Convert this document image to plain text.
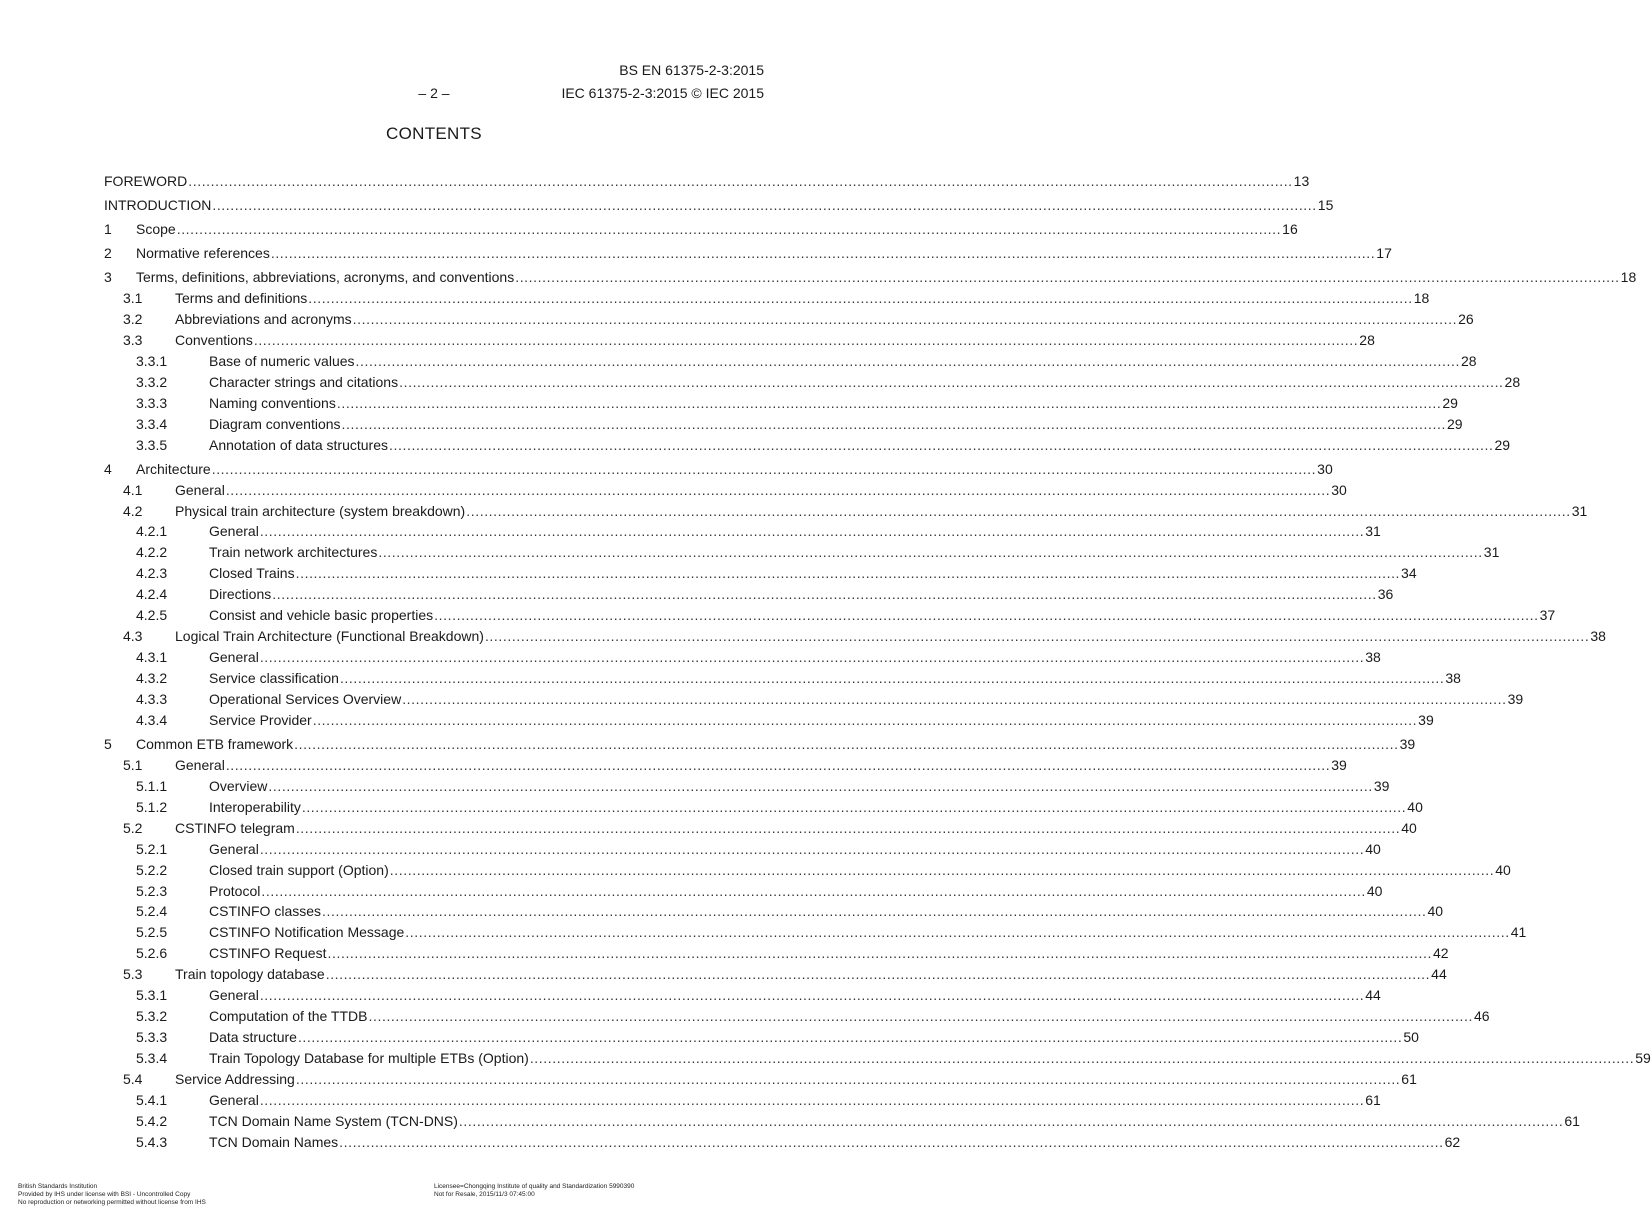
BS EN 61375-2-3:2015
– 2 –	IEC 61375-2-3:2015 © IEC 2015
CONTENTS
FOREWORD .....	13
INTRODUCTION .....	15
1	Scope .....	16
2	Normative references .....	17
3	Terms, definitions, abbreviations, acronyms, and conventions .....	18
3.1	Terms and definitions .....	18
3.2	Abbreviations and acronyms .....	26
3.3	Conventions .....	28
3.3.1	Base of numeric values .....	28
3.3.2	Character strings and citations .....	28
3.3.3	Naming conventions .....	29
3.3.4	Diagram conventions .....	29
3.3.5	Annotation of data structures .....	29
4	Architecture .....	30
4.1	General .....	30
4.2	Physical train architecture (system breakdown) .....	31
4.2.1	General .....	31
4.2.2	Train network architectures .....	31
4.2.3	Closed Trains .....	34
4.2.4	Directions .....	36
4.2.5	Consist and vehicle basic properties .....	37
4.3	Logical Train Architecture (Functional Breakdown) .....	38
4.3.1	General .....	38
4.3.2	Service classification .....	38
4.3.3	Operational Services Overview .....	39
4.3.4	Service Provider .....	39
5	Common ETB framework .....	39
5.1	General .....	39
5.1.1	Overview .....	39
5.1.2	Interoperability .....	40
5.2	CSTINFO telegram .....	40
5.2.1	General .....	40
5.2.2	Closed train support (Option) .....	40
5.2.3	Protocol .....	40
5.2.4	CSTINFO classes .....	40
5.2.5	CSTINFO Notification Message .....	41
5.2.6	CSTINFO Request .....	42
5.3	Train topology database .....	44
5.3.1	General .....	44
5.3.2	Computation of the TTDB .....	46
5.3.3	Data structure .....	50
5.3.4	Train Topology Database for multiple ETBs (Option) .....	59
5.4	Service Addressing .....	61
5.4.1	General .....	61
5.4.2	TCN Domain Name System (TCN-DNS) .....	61
5.4.3	TCN Domain Names .....	62
British Standards Institution
Provided by IHS under license with BSI - Uncontrolled Copy
No reproduction or networking permitted without license from IHS
Licensee=Chongqing Institute of quality and Standardization 5990390
Not for Resale, 2015/11/3 07:45:00
